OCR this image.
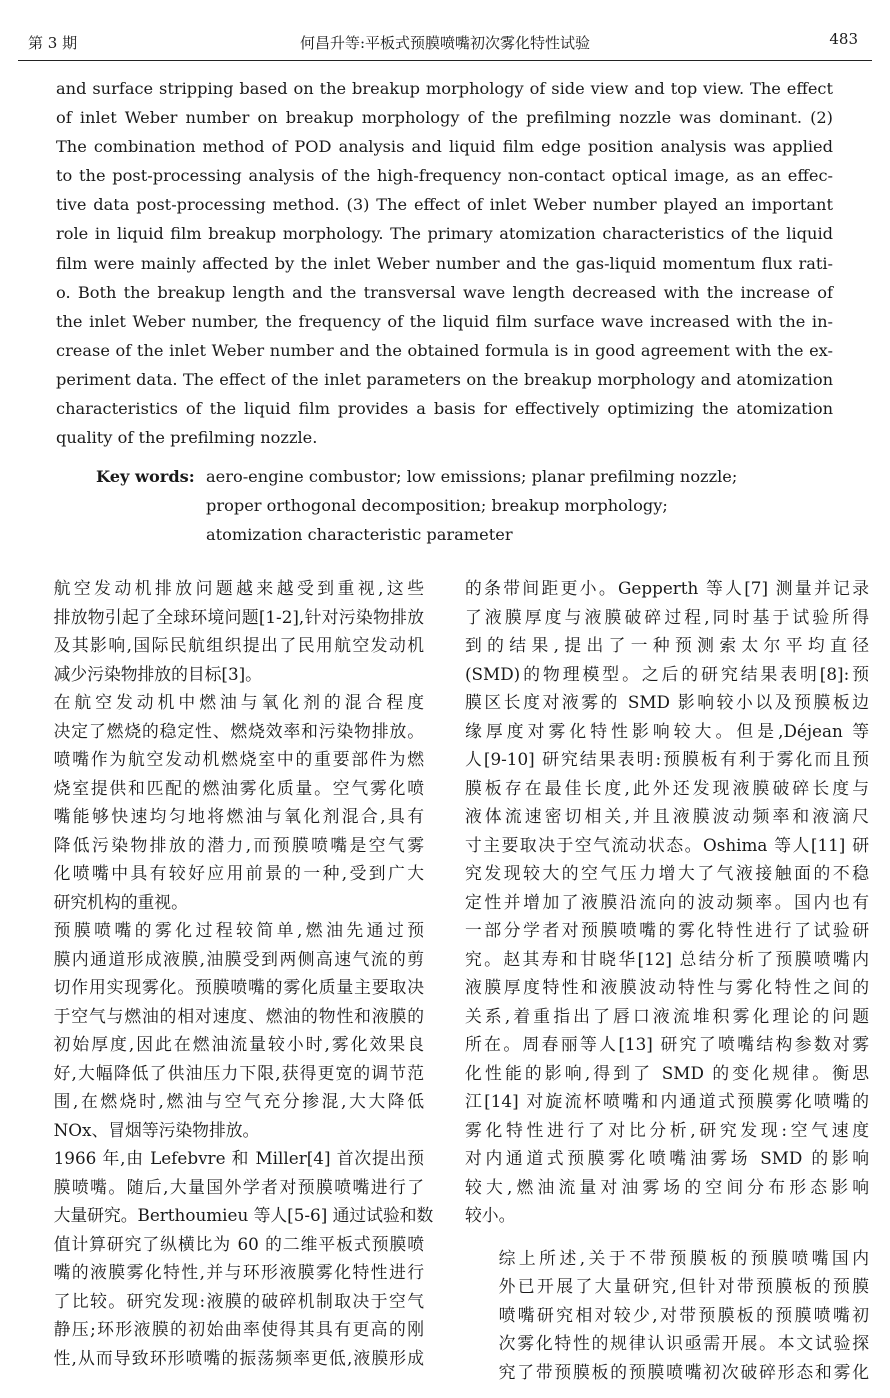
第 3 期	何昌升等:平板式预膜喷嘴初次雾化特性试验	483
and surface stripping based on the breakup morphology of side view and top view. The effect
of inlet Weber number on breakup morphology of the prefilming nozzle was dominant. (2)
The combination method of POD analysis and liquid film edge position analysis was applied
to the post-processing analysis of the high-frequency non-contact optical image, as an effec-
tive data post-processing method. (3) The effect of inlet Weber number played an important
role in liquid film breakup morphology. The primary atomization characteristics of the liquid
film were mainly affected by the inlet Weber number and the gas-liquid momentum flux rati-
o. Both the breakup length and the transversal wave length decreased with the increase of
the inlet Weber number, the frequency of the liquid film surface wave increased with the in-
crease of the inlet Weber number and the obtained formula is in good agreement with the ex-
periment data. The effect of the inlet parameters on the breakup morphology and atomization
characteristics of the liquid film provides a basis for effectively optimizing the atomization
quality of the prefilming nozzle.
Key words: aero-engine combustor; low emissions; planar prefilming nozzle;
proper orthogonal decomposition; breakup morphology;
atomization characteristic parameter

航空发动机排放问题越来越受到重视,这些
排放物引起了全球环境问题[1-2],针对污染物排放
及其影响,国际民航组织提出了民用航空发动机
减少污染物排放的目标[3]。

在航空发动机中燃油与氧化剂的混合程度
决定了燃烧的稳定性、燃烧效率和污染物排放。
喷嘴作为航空发动机燃烧室中的重要部件为燃
烧室提供和匹配的燃油雾化质量。空气雾化喷
嘴能够快速均匀地将燃油与氧化剂混合,具有
降低污染物排放的潜力,而预膜喷嘴是空气雾
化喷嘴中具有较好应用前景的一种,受到广大
研究机构的重视。

预膜喷嘴的雾化过程较简单,燃油先通过预
膜内通道形成液膜,油膜受到两侧高速气流的剪
切作用实现雾化。预膜喷嘴的雾化质量主要取决
于空气与燃油的相对速度、燃油的物性和液膜的
初始厚度,因此在燃油流量较小时,雾化效果良
好,大幅降低了供油压力下限,获得更宽的调节范
围,在燃烧时,燃油与空气充分掺混,大大降低
NOx、冒烟等污染物排放。

1966 年,由 Lefebvre 和 Miller[4] 首次提出预
膜喷嘴。随后,大量国外学者对预膜喷嘴进行了
大量研究。Berthoumieu 等人[5-6] 通过试验和数
值计算研究了纵横比为 60 的二维平板式预膜喷
嘴的液膜雾化特性,并与环形液膜雾化特性进行
了比较。研究发现:液膜的破碎机制取决于空气
静压;环形液膜的初始曲率使得其具有更高的刚
性,从而导致环形喷嘴的振荡频率更低,液膜形成

的条带间距更小。Gepperth 等人[7] 测量并记录
了液膜厚度与液膜破碎过程,同时基于试验所得
到的结果,提出了一种预测索太尔平均直径
(SMD)的物理模型。之后的研究结果表明[8]:预
膜区长度对液雾的 SMD 影响较小以及预膜板边
缘厚度对雾化特性影响较大。但是,Déjean 等
人[9-10] 研究结果表明:预膜板有利于雾化而且预
膜板存在最佳长度,此外还发现液膜破碎长度与
液体流速密切相关,并且液膜波动频率和液滴尺
寸主要取决于空气流动状态。Oshima 等人[11] 研
究发现较大的空气压力增大了气液接触面的不稳
定性并增加了液膜沿流向的波动频率。国内也有
一部分学者对预膜喷嘴的雾化特性进行了试验研
究。赵其寿和甘晓华[12] 总结分析了预膜喷嘴内
液膜厚度特性和液膜波动特性与雾化特性之间的
关系,着重指出了唇口液流堆积雾化理论的问题
所在。周春丽等人[13] 研究了喷嘴结构参数对雾
化性能的影响,得到了 SMD 的变化规律。衡思
江[14] 对旋流杯喷嘴和内通道式预膜雾化喷嘴的
雾化特性进行了对比分析,研究发现:空气速度
对内通道式预膜雾化喷嘴油雾场 SMD 的影响
较大,燃油流量对油雾场的空间分布形态影响
较小。

综上所述,关于不带预膜板的预膜喷嘴国内
外已开展了大量研究,但针对带预膜板的预膜
喷嘴研究相对较少,对带预膜板的预膜喷嘴初
次雾化特性的规律认识亟需开展。本文试验探
究了带预膜板的预膜喷嘴初次破碎形态和雾化
